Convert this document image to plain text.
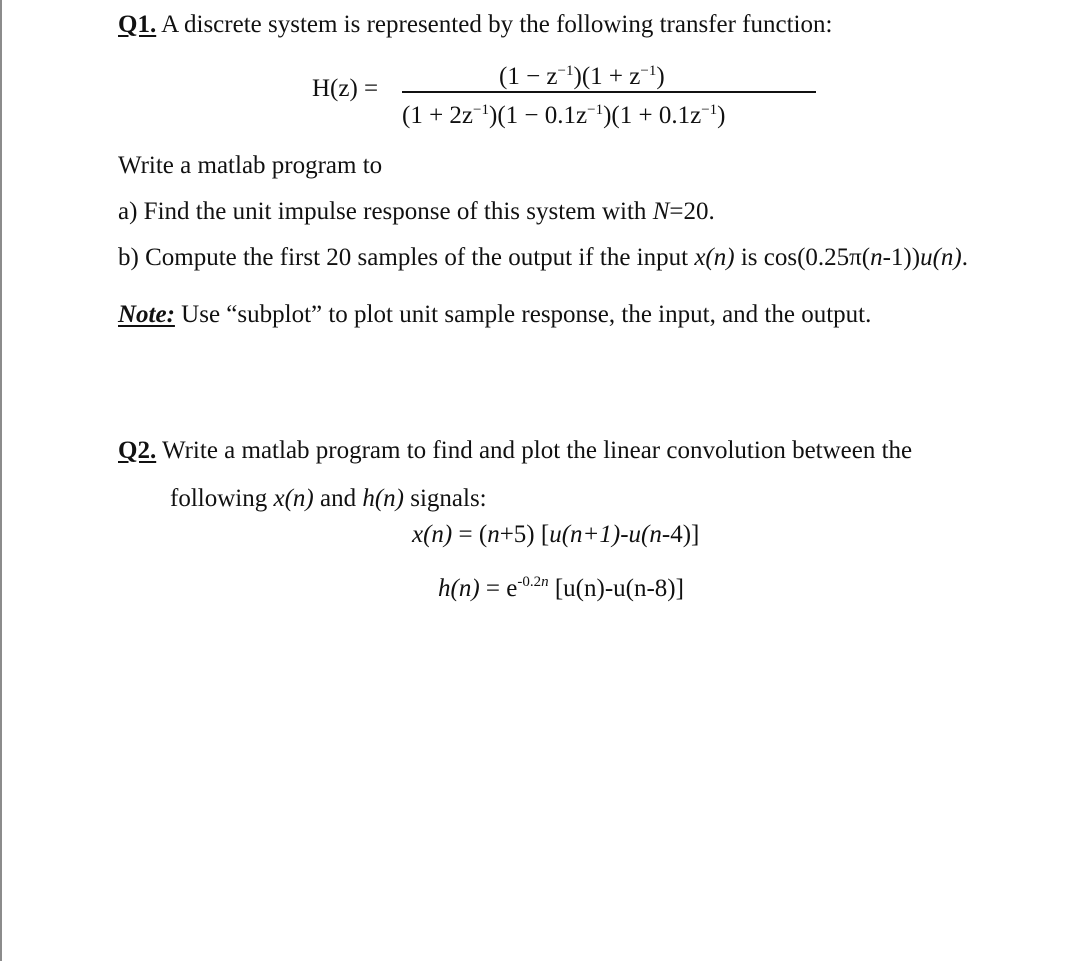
Q1. A discrete system is represented by the following transfer function:
H(z) =	$(1 - z^{-1})(1 + z^{-1})$
$(1 + 2z^{-1})(1 - 0.1z^{-1})(1 + 0.1z^{-1})$
Write a matlab program to
a) Find the unit impulse response of this system with N=20.
b) Compute the first 20 samples of the output if the input x(n) is cos(0.25π(n-1))u(n).
Note: Use “subplot” to plot unit sample response, the input, and the output.
Q2. Write a matlab program to find and plot the linear convolution between the
following x(n) and h(n) signals:
x(n) = (n+5) [u(n+1)-u(n-4)]
$h(n) = e^{-0.2n}$ [u(n)-u(n-8)]
